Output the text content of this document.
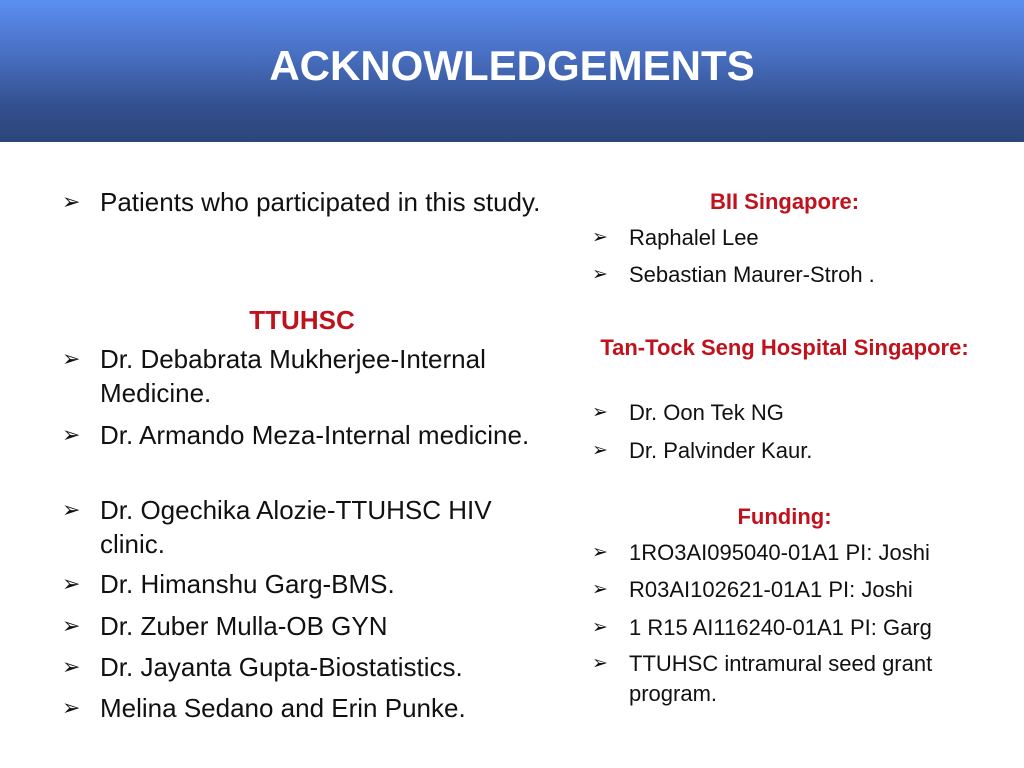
ACKNOWLEDGEMENTS
➢ Patients who participated in this study.
TTUHSC
➢ Dr. Debabrata Mukherjee-Internal Medicine.
➢ Dr. Armando Meza-Internal medicine.
➢ Dr. Ogechika Alozie-TTUHSC HIV clinic.
➢ Dr. Himanshu Garg-BMS.
➢ Dr. Zuber Mulla-OB GYN
➢ Dr. Jayanta Gupta-Biostatistics.
➢ Melina Sedano and Erin Punke.
BII Singapore:
➢ Raphalel Lee
➢ Sebastian Maurer-Stroh .
Tan-Tock Seng Hospital Singapore:
➢ Dr. Oon Tek NG
➢ Dr. Palvinder Kaur.
Funding:
➢ 1RO3AI095040-01A1 PI: Joshi
➢ R03AI102621-01A1 PI: Joshi
➢ 1 R15 AI116240-01A1 PI: Garg
➢ TTUHSC intramural seed grant program.
